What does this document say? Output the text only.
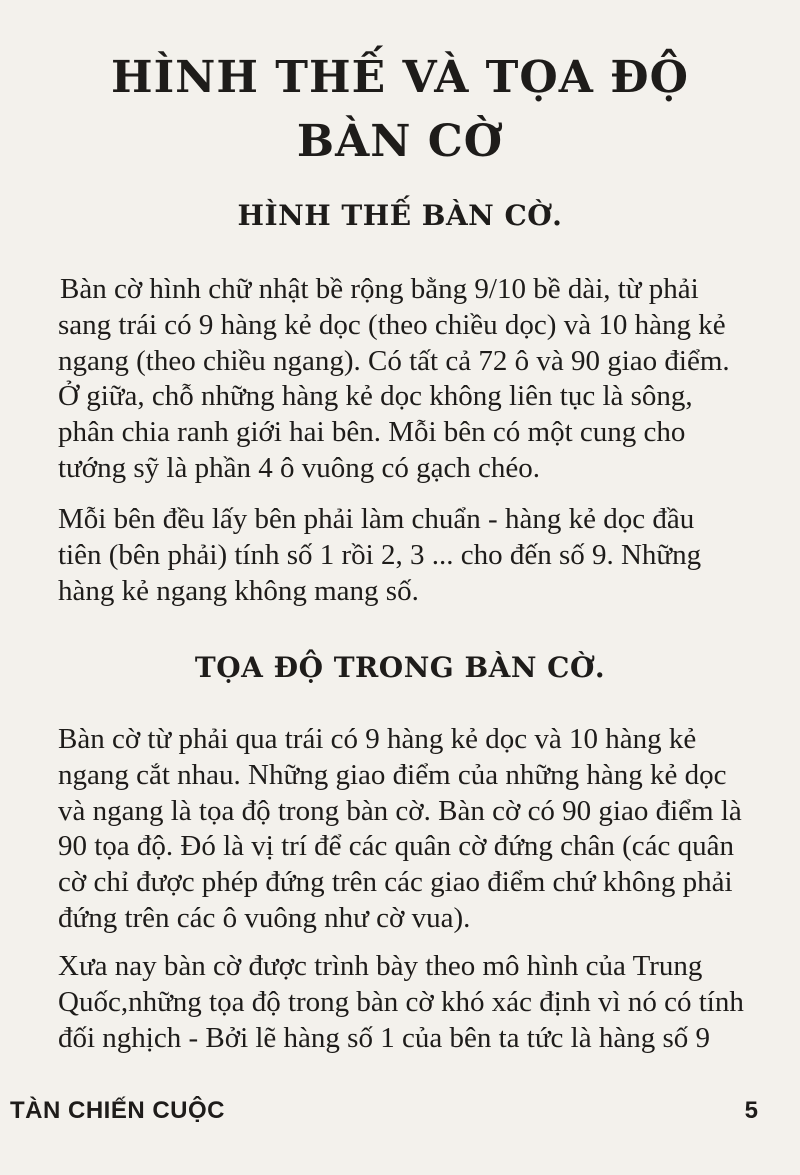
HÌNH THẾ VÀ TỌA ĐỘ
BÀN CỜ
HÌNH THẾ BÀN CỜ.
Bàn cờ hình chữ nhật bề rộng bằng 9/10 bề dài, từ phải
sang trái có 9 hàng kẻ dọc (theo chiều dọc) và 10 hàng kẻ
ngang (theo chiều ngang). Có tất cả 72 ô và 90 giao điểm.
Ở giữa, chỗ những hàng kẻ dọc không liên tục là sông,
phân chia ranh giới hai bên. Mỗi bên có một cung cho
tướng sỹ là phần 4 ô vuông có gạch chéo.
Mỗi bên đều lấy bên phải làm chuẩn - hàng kẻ dọc đầu
tiên (bên phải) tính số 1 rồi 2, 3 ... cho đến số 9. Những
hàng kẻ ngang không mang số.
TỌA ĐỘ TRONG BÀN CỜ.
Bàn cờ từ phải qua trái có 9 hàng kẻ dọc và 10 hàng kẻ
ngang cắt nhau. Những giao điểm của những hàng kẻ dọc
và ngang là tọa độ trong bàn cờ. Bàn cờ có 90 giao điểm là
90 tọa độ. Đó là vị trí để các quân cờ đứng chân (các quân
cờ chỉ được phép đứng trên các giao điểm chứ không phải
đứng trên các ô vuông như cờ vua).
Xưa nay bàn cờ được trình bày theo mô hình của Trung
Quốc,những tọa độ trong bàn cờ khó xác định vì nó có tính
đối nghịch - Bởi lẽ hàng số 1 của bên ta tức là hàng số 9
TÀN CHIẾN CUỘC	5
